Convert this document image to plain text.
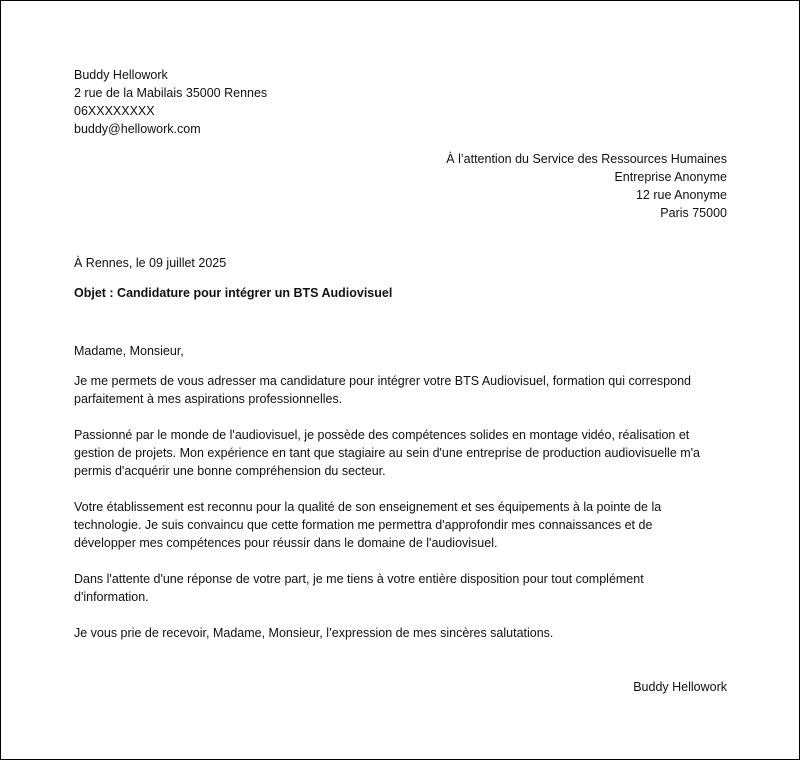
Buddy Hellowork
2 rue de la Mabilais 35000 Rennes
06XXXXXXXX
buddy@hellowork.com
À l’attention du Service des Ressources Humaines
Entreprise Anonyme
12 rue Anonyme
Paris 75000
À Rennes, le 09 juillet 2025
Objet : Candidature pour intégrer un BTS Audiovisuel
Madame, Monsieur,
Je me permets de vous adresser ma candidature pour intégrer votre BTS Audiovisuel, formation qui correspond
parfaitement à mes aspirations professionnelles.
Passionné par le monde de l'audiovisuel, je possède des compétences solides en montage vidéo, réalisation et
gestion de projets. Mon expérience en tant que stagiaire au sein d'une entreprise de production audiovisuelle m'a
permis d'acquérir une bonne compréhension du secteur.
Votre établissement est reconnu pour la qualité de son enseignement et ses équipements à la pointe de la
technologie. Je suis convaincu que cette formation me permettra d'approfondir mes connaissances et de
développer mes compétences pour réussir dans le domaine de l'audiovisuel.
Dans l'attente d'une réponse de votre part, je me tiens à votre entière disposition pour tout complément
d'information.
Je vous prie de recevoir, Madame, Monsieur, l’expression de mes sincères salutations.
Buddy Hellowork
